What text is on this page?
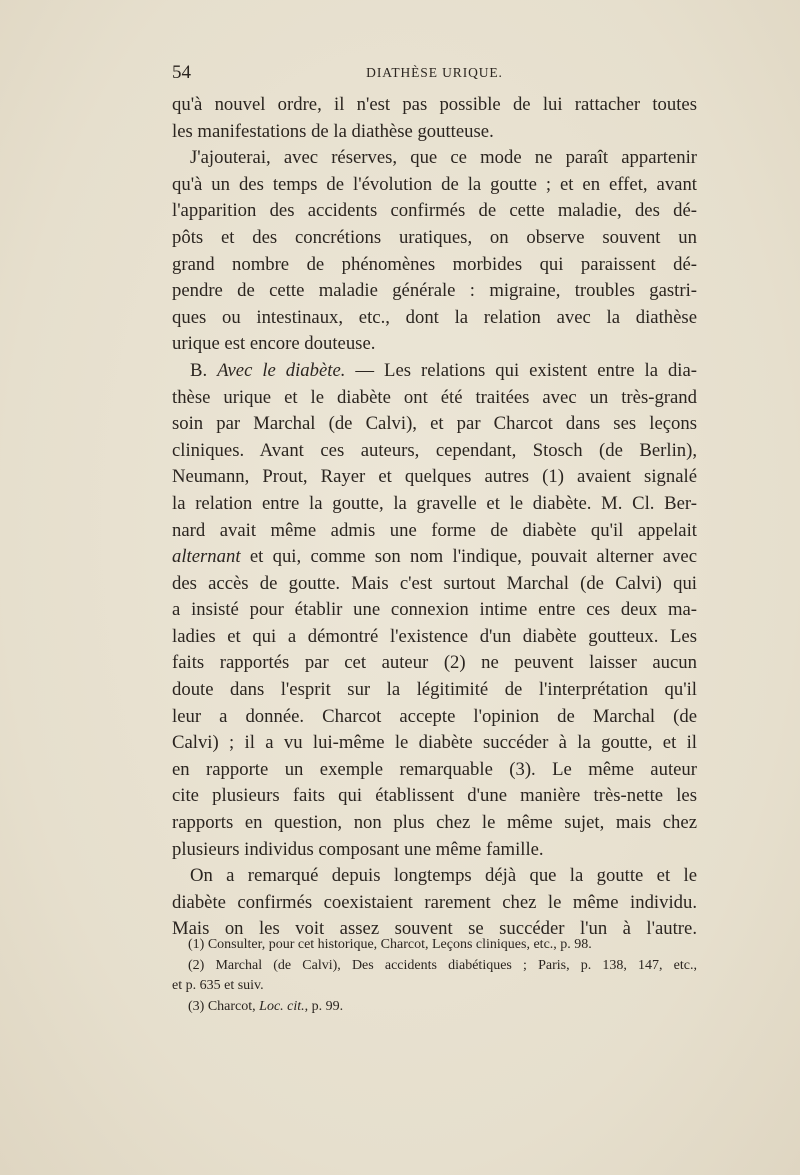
54	DIATHÈSE URIQUE.
qu'à nouvel ordre, il n'est pas possible de lui rattacher toutes
les manifestations de la diathèse goutteuse.
J'ajouterai, avec réserves, que ce mode ne paraît appartenir
qu'à un des temps de l'évolution de la goutte ; et en effet, avant
l'apparition des accidents confirmés de cette maladie, des dé-
pôts et des concrétions uratiques, on observe souvent un
grand nombre de phénomènes morbides qui paraissent dé-
pendre de cette maladie générale : migraine, troubles gastri-
ques ou intestinaux, etc., dont la relation avec la diathèse
urique est encore douteuse.
B. Avec le diabète. — Les relations qui existent entre la dia-
thèse urique et le diabète ont été traitées avec un très-grand
soin par Marchal (de Calvi), et par Charcot dans ses leçons
cliniques. Avant ces auteurs, cependant, Stosch (de Berlin),
Neumann, Prout, Rayer et quelques autres (1) avaient signalé
la relation entre la goutte, la gravelle et le diabète. M. Cl. Ber-
nard avait même admis une forme de diabète qu'il appelait
alternant et qui, comme son nom l'indique, pouvait alterner avec
des accès de goutte. Mais c'est surtout Marchal (de Calvi) qui
a insisté pour établir une connexion intime entre ces deux ma-
ladies et qui a démontré l'existence d'un diabète goutteux. Les
faits rapportés par cet auteur (2) ne peuvent laisser aucun
doute dans l'esprit sur la légitimité de l'interprétation qu'il
leur a donnée. Charcot accepte l'opinion de Marchal (de
Calvi) ; il a vu lui-même le diabète succéder à la goutte, et il
en rapporte un exemple remarquable (3). Le même auteur
cite plusieurs faits qui établissent d'une manière très-nette les
rapports en question, non plus chez le même sujet, mais chez
plusieurs individus composant une même famille.
On a remarqué depuis longtemps déjà que la goutte et le
diabète confirmés coexistaient rarement chez le même individu.
Mais on les voit assez souvent se succéder l'un à l'autre.
(1) Consulter, pour cet historique, Charcot, Leçons cliniques, etc., p. 98.
(2) Marchal (de Calvi), Des accidents diabétiques ; Paris, p. 138, 147, etc.,
et p. 635 et suiv.
(3) Charcot, Loc. cit., p. 99.
